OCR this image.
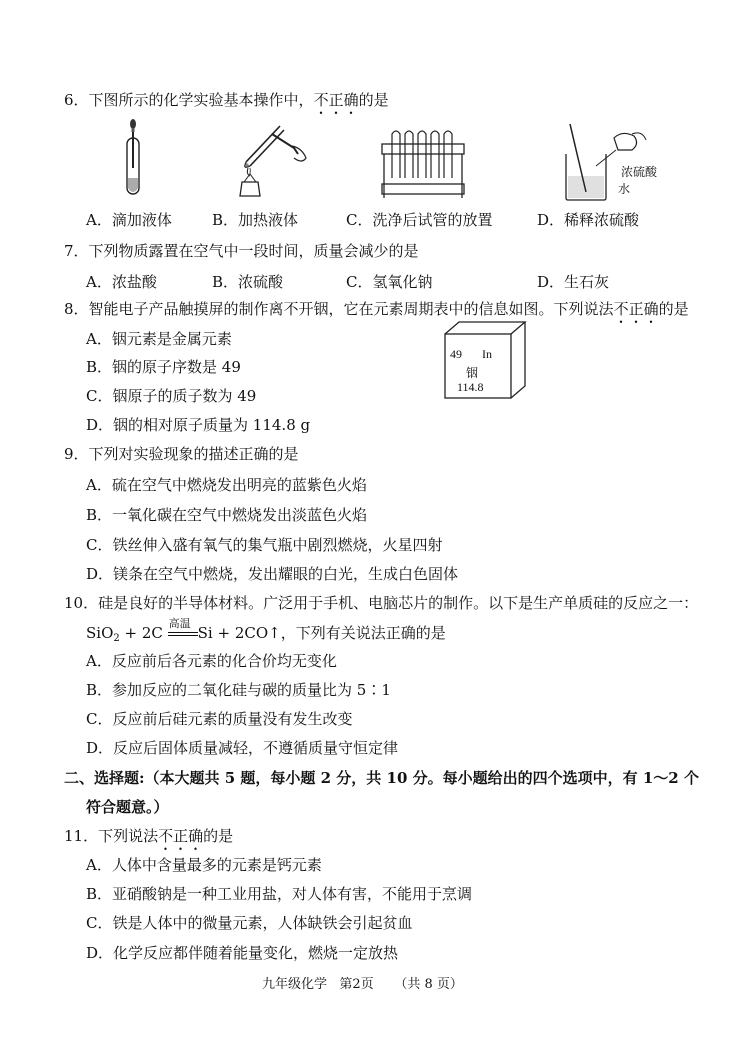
6．下图所示的化学实验基本操作中，不正确的是
浓硫酸
水
A．滴加液体	B．加热液体	C．洗净后试管的放置	D．稀释浓硫酸
7．下列物质露置在空气中一段时间，质量会减少的是
A．浓盐酸	B．浓硫酸	C．氢氧化钠	D．生石灰
8．智能电子产品触摸屏的制作离不开铟，它在元素周期表中的信息如图。下列说法不正确的是
A．铟元素是金属元素
B．铟的原子序数是 49
C．铟原子的质子数为 49
D．铟的相对原子质量为 114.8 g
49 In
铟
114.8
9．下列对实验现象的描述正确的是
A．硫在空气中燃烧发出明亮的蓝紫色火焰
B．一氧化碳在空气中燃烧发出淡蓝色火焰
C．铁丝伸入盛有氧气的集气瓶中剧烈燃烧，火星四射
D．镁条在空气中燃烧，发出耀眼的白光，生成白色固体
10．硅是良好的半导体材料。广泛用于手机、电脑芯片的制作。以下是生产单质硅的反应之一：
SiO$_2$ + 2C
高温
Si + 2CO↑，下列有关说法正确的是
A．反应前后各元素的化合价均无变化
B．参加反应的二氧化硅与碳的质量比为 5∶1
C．反应前后硅元素的质量没有发生改变
D．反应后固体质量减轻，不遵循质量守恒定律
二、选择题:（本大题共 5 题，每小题 2 分，共 10 分。每小题给出的四个选项中，有 1～2 个
符合题意。）
11．下列说法不正确的是
A．人体中含量最多的元素是钙元素
B．亚硝酸钠是一种工业用盐，对人体有害，不能用于烹调
C．铁是人体中的微量元素，人体缺铁会引起贫血
D．化学反应都伴随着能量变化，燃烧一定放热
九年级化学 第2页 （共 8 页）
